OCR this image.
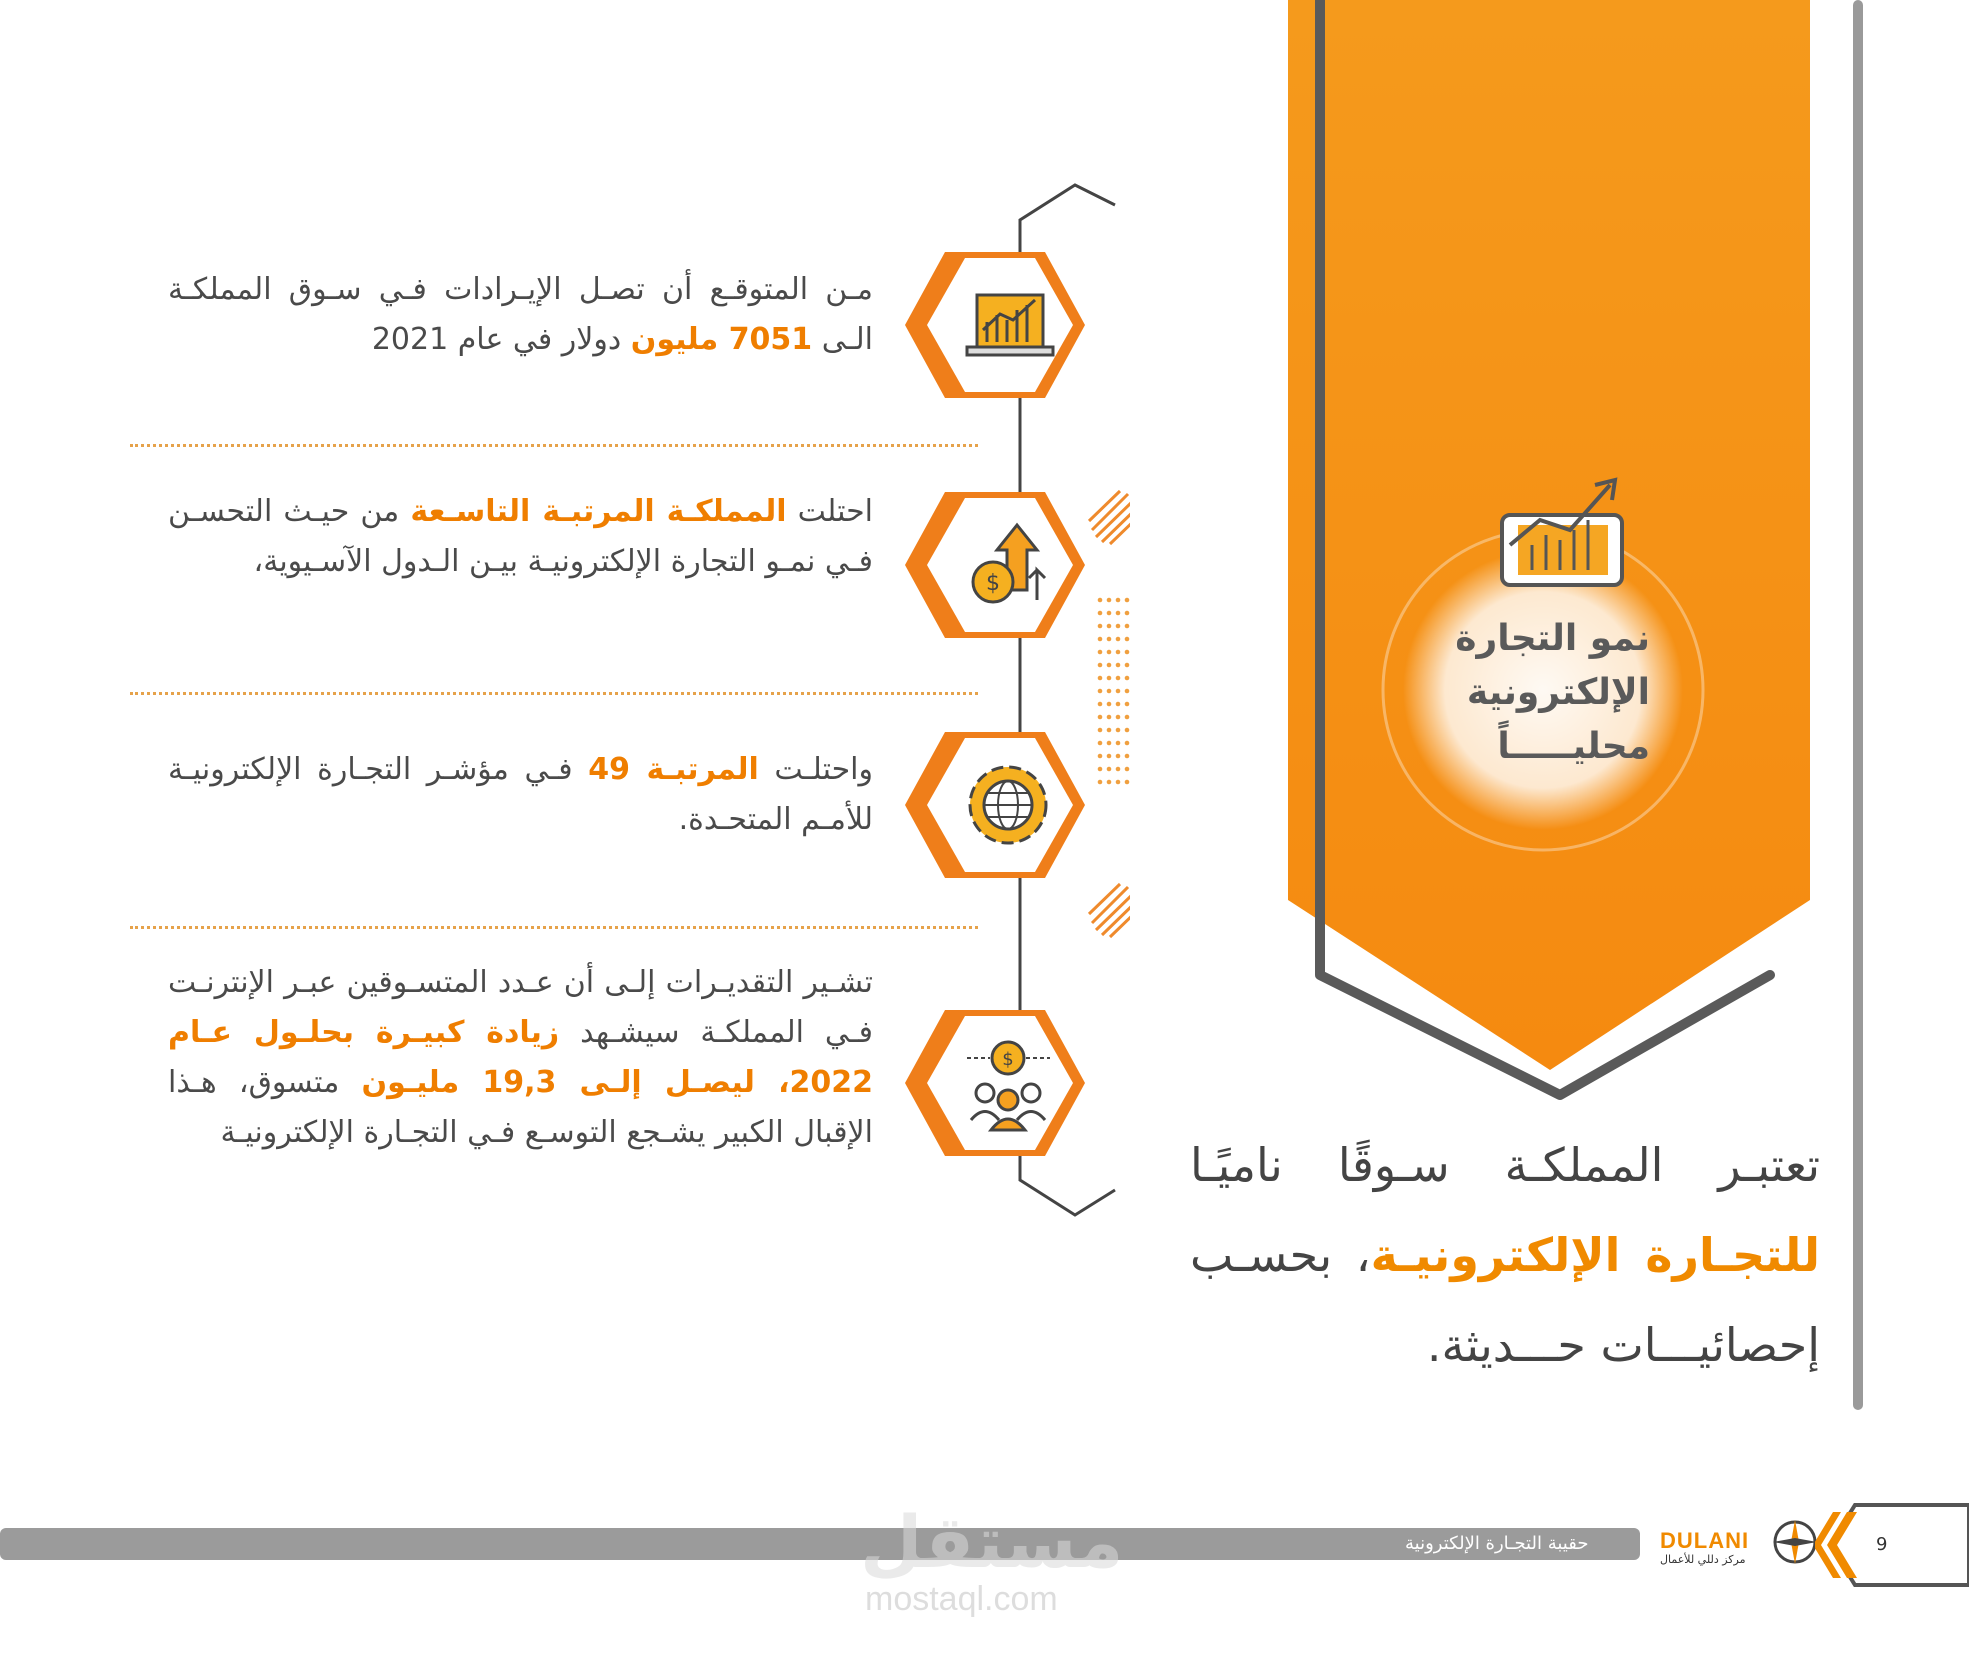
نمو التجارة
الإلكترونية
محليـــــاً
تعتبـر المملكـة سـوقًا ناميًـا للتجـارة الإلكترونيـة، بحسـب إحصائيـــات حـــديثة.
$
$
مـن المتوقـع أن تصـل الإيـرادات فـي سـوق المملكـة الـى 7051 مليون دولار في عام 2021
احتلت المملكـة المرتبـة التاسـعة من حيـث التحسـن فـي نمـو التجارة الإلكترونيـة بيـن الـدول الآسـيوية،
واحتلـت المرتبـة 49 فـي مؤشـر التجـارة الإلكترونيـة للأمـم المتحـدة.
تشـير التقديـرات إلـى أن عـدد المتسـوقين عبـر الإنترنـت فـي المملكـة سيشـهد زيادة كبيـرة بحلـول عـام 2022، ليصـل إلـى 19,3 مليـون متسوق، هـذا الإقبال الكبير يشـجع التوسـع فـي التجـارة الإلكترونيـة
حقيبة التجـارة الإلكترونية	DULANI
مركز دللي للأعمال
9
مستقل
mostaql.com
